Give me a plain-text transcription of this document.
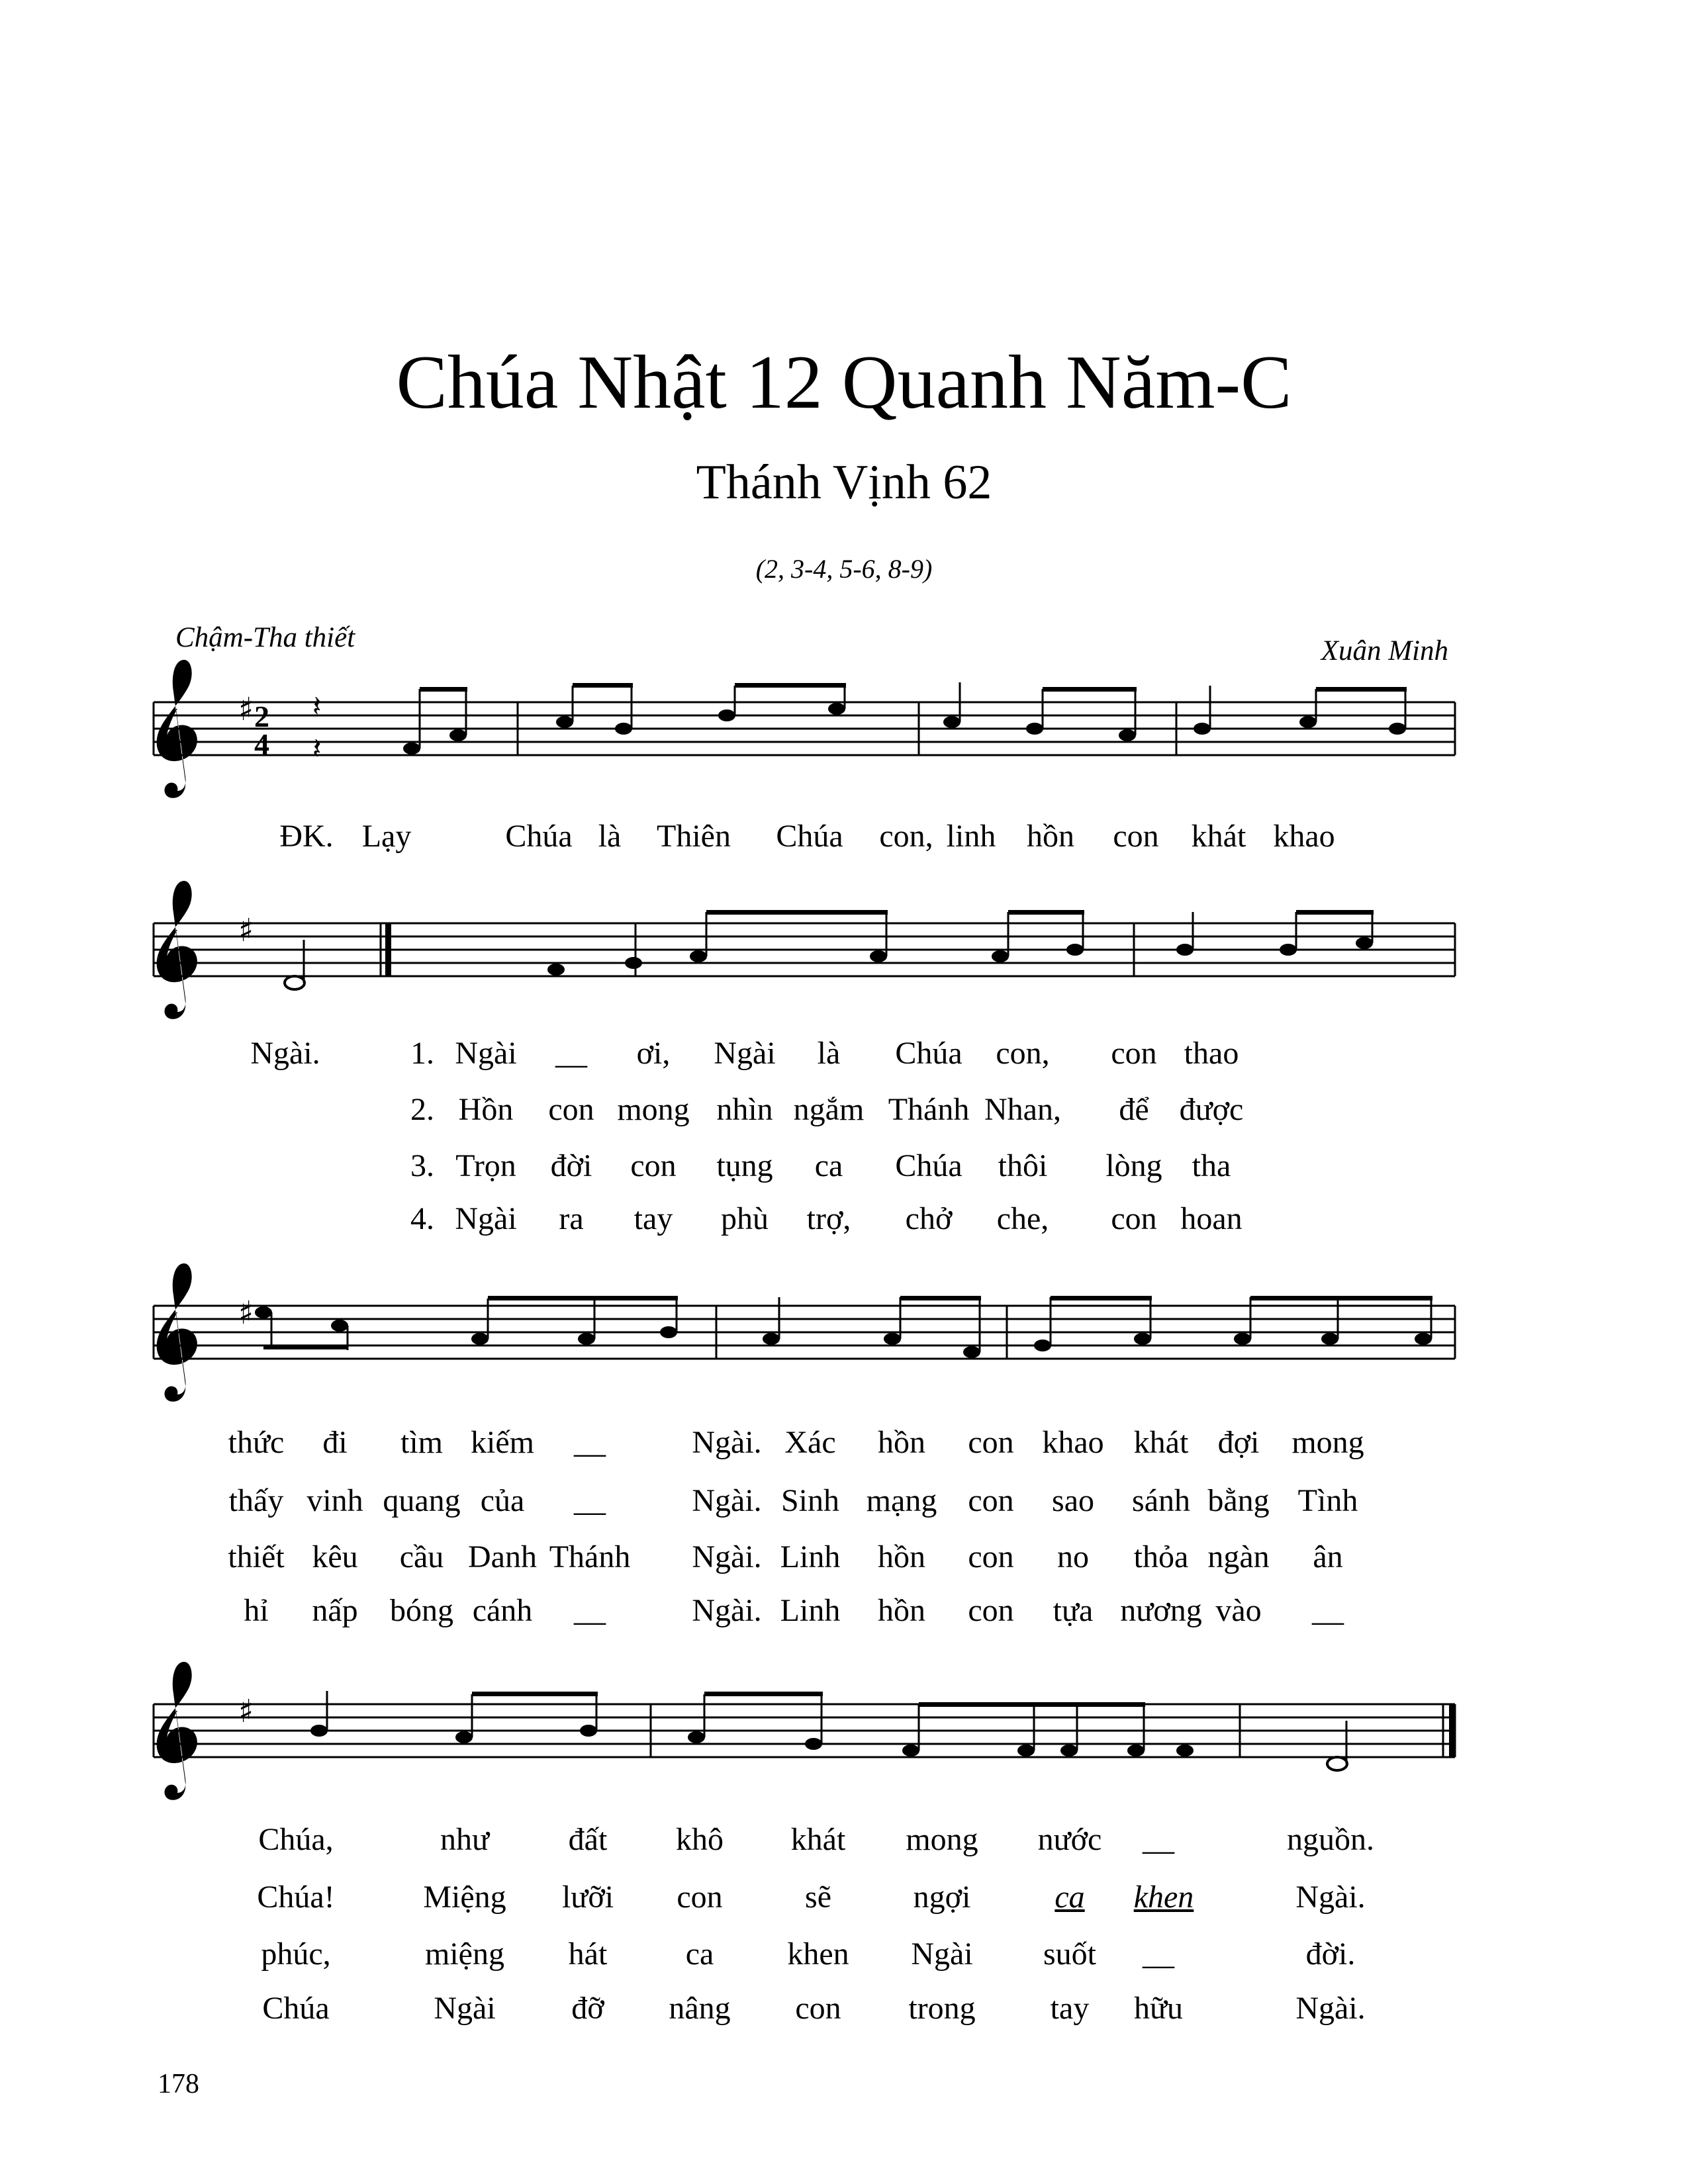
Chúa Nhật 12 Quanh Năm-C
Thánh Vịnh 62
(2, 3-4, 5-6, 8-9)
Chậm-Tha thiết	Xuân Minh
♯ 2
4
𝄽
𝄽
♯
♯
♯
ĐK. Lạy	Chúa là Thiên Chúa con, linh hồn con khát khao
Ngài.	1. Ngài __ ơi, Ngài là Chúa con, con thao
2. Hồn con mong nhìn ngắm Thánh Nhan, để được
3. Trọn đời con tụng ca Chúa thôi lòng tha
4. Ngài ra tay phù trợ, chở che, con hoan
thức đi tìm kiếm __	Ngài. Xác hồn con khao khát đợi mong
thấy vinh quang của __	Ngài. Sinh mạng con sao sánh bằng Tình
thiết kêu cầu Danh Thánh Ngài. Linh hồn con no thỏa ngàn ân
hỉ nấp bóng cánh __	Ngài. Linh hồn con tựa nương vào __
Chúa,	như đất khô khát mong nước __	nguồn.
Chúa!	Miệng lưỡi con	sẽ	ngợi	ca khen	Ngài.
phúc,	miệng hát ca khen Ngài suốt __	đời.
Chúa	Ngài đỡ nâng con trong tay hữu	Ngài.
178
